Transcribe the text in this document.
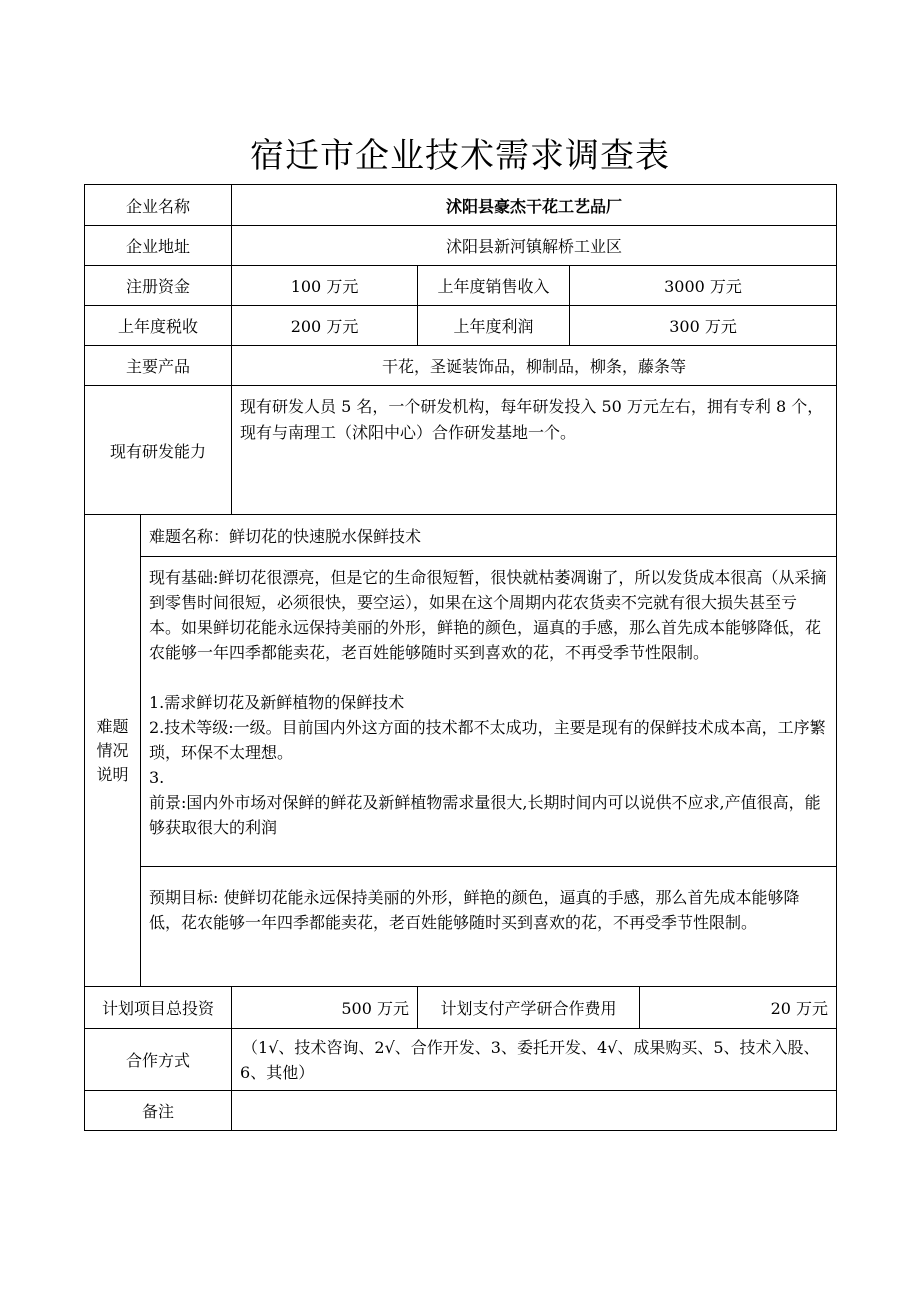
宿迁市企业技术需求调查表
企业名称		沭阳县豪杰干花工艺品厂			
企业地址		沭阳县新河镇解桥工业区			
注册资金		100 万元	上年度销售收入	3000 万元	
上年度税收		200 万元	上年度利润	300 万元	
主要产品		干花，圣诞装饰品，柳制品，柳条，藤条等			
现有研发能力		现有研发人员 5 名，一个研发机构，每年研发投入 50 万元左右，拥有专利 8 个，现有与南理工（沭阳中心）合作研发基地一个。			

难题
情况
说明	难题名称：鲜切花的快速脱水保鲜技术				

	现有基础:鲜切花很漂亮，但是它的生命很短暂，很快就枯萎凋谢了，所以发货成本很高（从采摘到零售时间很短，必须很快，要空运），如果在这个周期内花农货卖不完就有很大损失甚至亏本。如果鲜切花能永远保持美丽的外形，鲜艳的颜色，逼真的手感，那么首先成本能够降低，花农能够一年四季都能卖花，老百姓能够随时买到喜欢的花，不再受季节性限制。
1.需求鲜切花及新鲜植物的保鲜技术
2.技术等级:一级。目前国内外这方面的技术都不太成功，主要是现有的保鲜技术成本高，工序繁琐，环保不太理想。
3.
前景:国内外市场对保鲜的鲜花及新鲜植物需求量很大,长期时间内可以说供不应求,产值很高，能够获取很大的利润				

	预期目标: 使鲜切花能永远保持美丽的外形，鲜艳的颜色，逼真的手感，那么首先成本能够降低，花农能够一年四季都能卖花，老百姓能够随时买到喜欢的花，不再受季节性限制。				
计划项目总投资		500 万元	计划支付产学研合作费用		20 万元
合作方式		（1√、技术咨询、2√、合作开发、3、委托开发、4√、成果购买、5、技术入股、6、其他）			
备注					
